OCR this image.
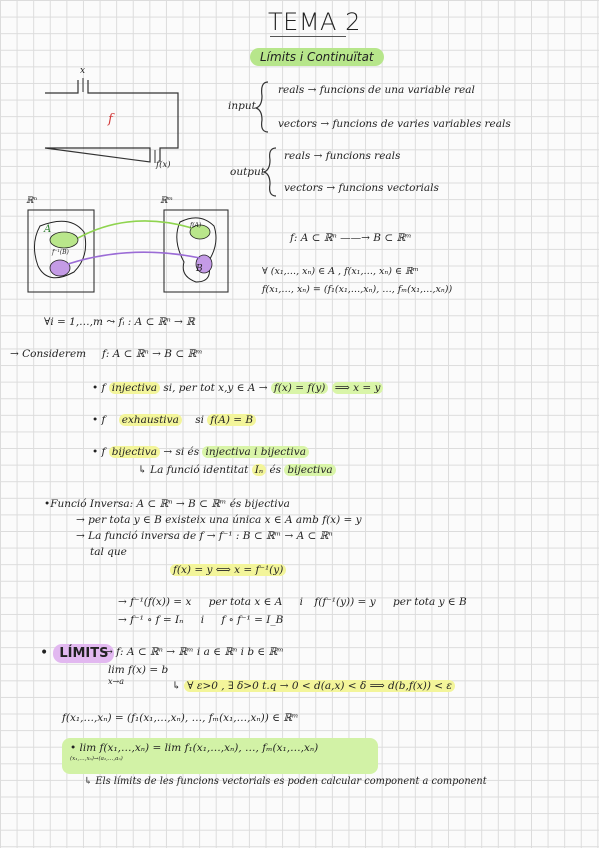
TEMA 2
Límits i Continuïtat
x
f
f(x)
input
reals → funcions de una variable real
vectors → funcions de varies variables reals
output
reals → funcions reals
vectors → funcions vectorials
ℝⁿ	ℝᵐ
A
B
f(A)
f⁻¹(B)
f: A ⊂ ℝⁿ ——→ B ⊂ ℝᵐ
∀ (x₁,…, xₙ) ∈ A , f(x₁,…, xₙ) ∈ ℝᵐ
f(x₁,…, xₙ) = (f₁(x₁,…,xₙ), …, fₘ(x₁,…,xₙ))
∀i = 1,…,m ⤳ fᵢ : A ⊂ ℝⁿ → ℝ
→ Considerem f: A ⊂ ℝⁿ → B ⊂ ℝᵐ
• f injectiva si, per tot x,y ∈ A → f(x) = f(y) ⟹ x = y
• f exhaustiva si f(A) = B
• f bijectiva → si és injectiva i bijectiva
↳ La funció identitat Iₙ és bijectiva
•Funció Inversa: A ⊂ ℝⁿ → B ⊂ ℝᵐ és bijectiva
→ per tota y ∈ B existeix una única x ∈ A amb f(x) = y
→ La funció inversa de f → f⁻¹ : B ⊂ ℝᵐ → A ⊂ ℝⁿ
tal que
f(x) = y ⟺ x = f⁻¹(y)
→ f⁻¹(f(x)) = x per tota x ∈ A i f(f⁻¹(y)) = y per tota y ∈ B
→ f⁻¹ ∘ f = Iₙ i f ∘ f⁻¹ = I_B
• LÍMITS
→ f: A ⊂ ℝⁿ → ℝᵐ i a ∈ ℝⁿ i b ∈ ℝᵐ
lim f(x) = b
x→a	↳ ∀ ε>0 , ∃ δ>0 t.q → 0 < d(a,x) < δ ⟹ d(b,f(x)) < ε
f(x₁,…,xₙ) = (f₁(x₁,…,xₙ), …, fₘ(x₁,…,xₙ)) ∈ ℝᵐ
• lim f(x₁,…,xₙ) = lim f₁(x₁,…,xₙ), …, fₘ(x₁,…,xₙ)
(x₁,…,xₙ)→(a₁,…,aₙ)
↳ Els límits de les funcions vectorials es poden calcular component a component
